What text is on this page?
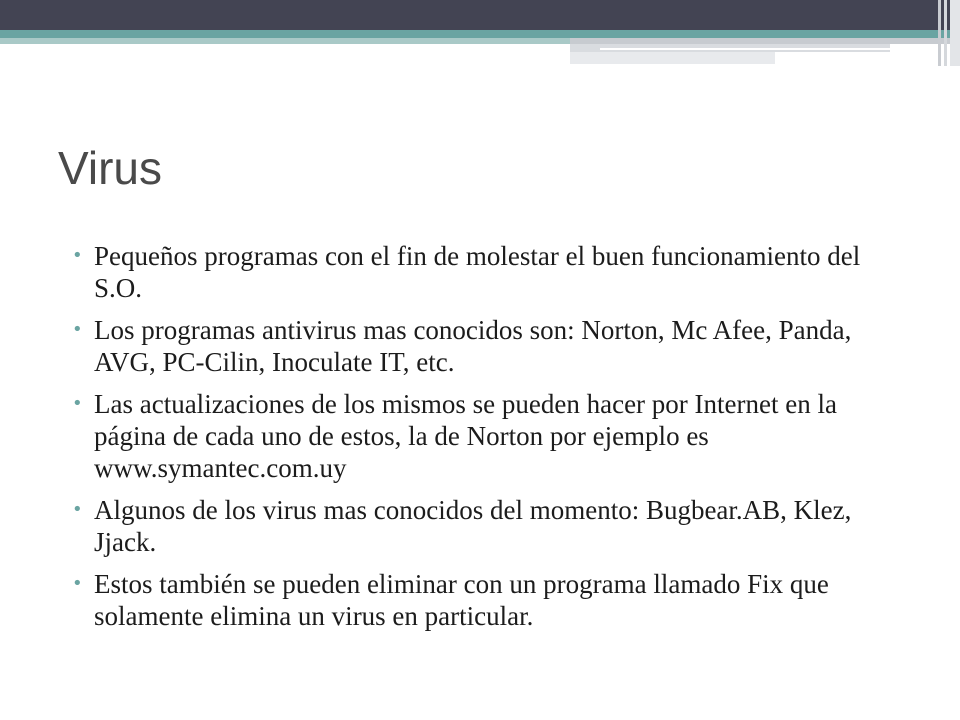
Virus
• Pequeños programas con el fin de molestar el buen funcionamiento del S.O.
• Los programas antivirus mas conocidos son: Norton, Mc Afee, Panda, AVG, PC-Cilin, Inoculate IT, etc.
• Las actualizaciones de los mismos se pueden hacer por Internet en la página de cada uno de estos, la de Norton por ejemplo es www.symantec.com.uy
• Algunos de los virus mas conocidos del momento: Bugbear.AB, Klez, Jjack.
• Estos también se pueden eliminar con un programa llamado Fix que solamente elimina un virus en particular.
